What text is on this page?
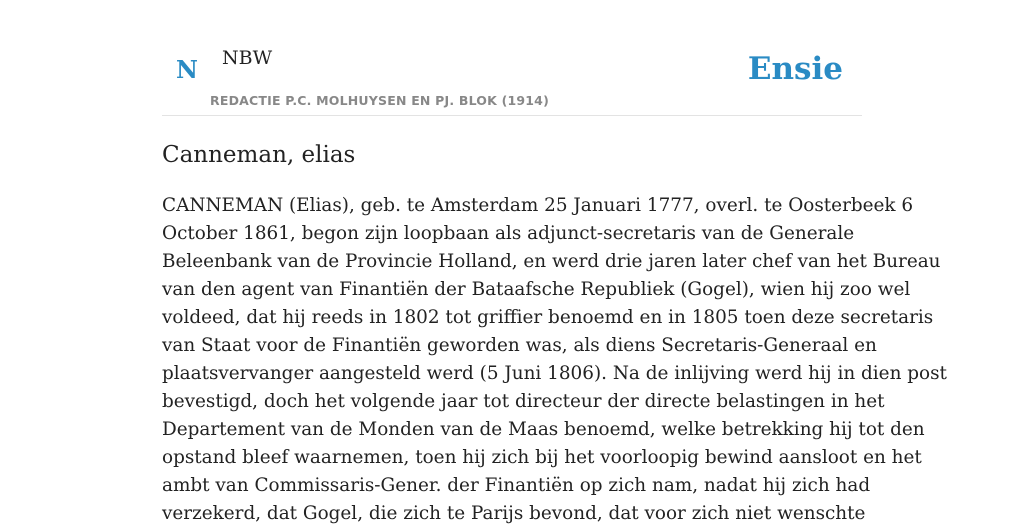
N NBW
REDACTIE P.C. MOLHUYSEN EN PJ. BLOK (1914)
Ensie
Canneman, elias

CANNEMAN (Elias), geb. te Amsterdam 25 Januari 1777, overl. te Oosterbeek 6
October 1861, begon zijn loopbaan als adjunct-secretaris van de Generale
Beleenbank van de Provincie Holland, en werd drie jaren later chef van het Bureau
van den agent van Finantiën der Bataafsche Republiek (Gogel), wien hij zoo wel
voldeed, dat hij reeds in 1802 tot griffier benoemd en in 1805 toen deze secretaris
van Staat voor de Finantiën geworden was, als diens Secretaris-Generaal en
plaatsvervanger aangesteld werd (5 Juni 1806). Na de inlijving werd hij in dien post
bevestigd, doch het volgende jaar tot directeur der directe belastingen in het
Departement van de Monden van de Maas benoemd, welke betrekking hij tot den
opstand bleef waarnemen, toen hij zich bij het voorloopig bewind aansloot en het
ambt van Commissaris-Gener. der Finantiën op zich nam, nadat hij zich had
verzekerd, dat Gogel, die zich te Parijs bevond, dat voor zich niet wenschte
